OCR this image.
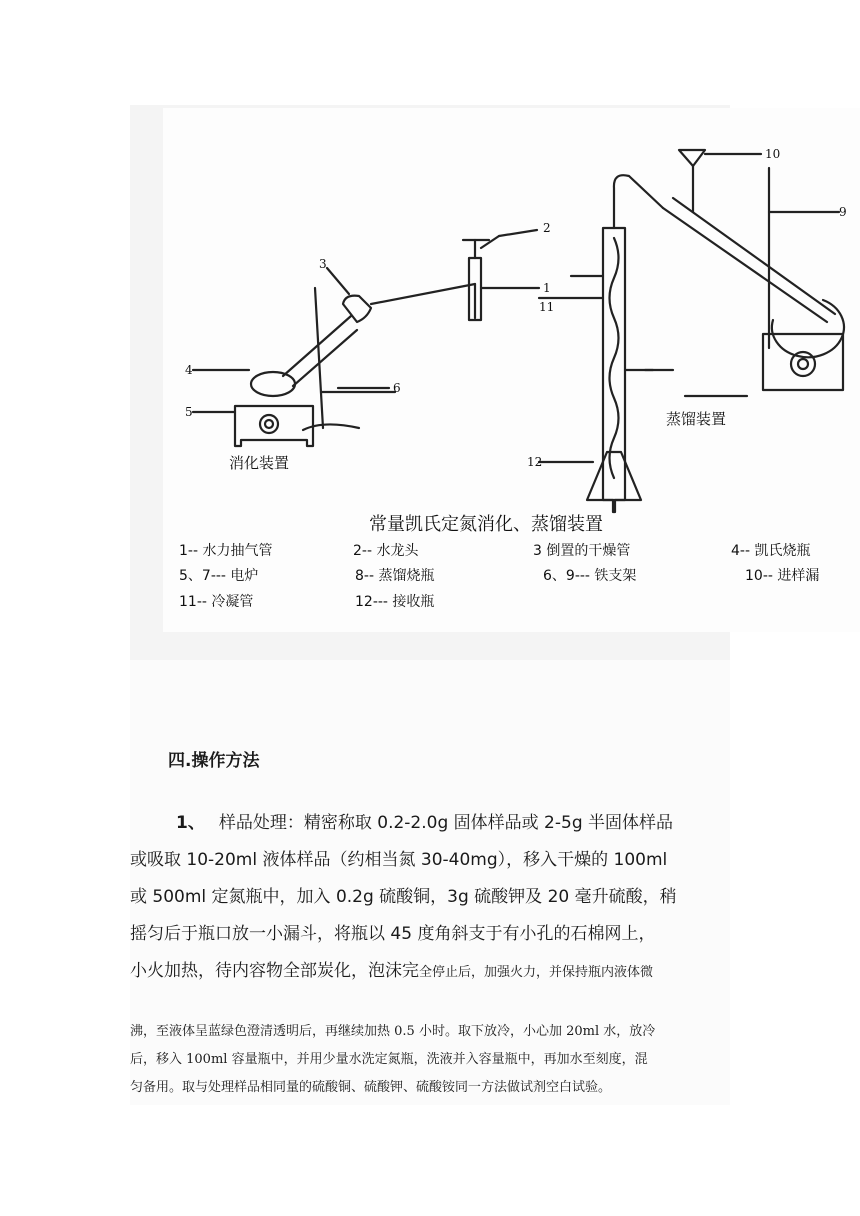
3
2
1
11
4
5
6
12
10
9
消化装置
蒸馏装置
常量凯氏定氮消化、蒸馏装置
1-- 水力抽气管	2-- 水龙头	3 倒置的干燥管	4-- 凯氏烧瓶
5、7--- 电炉	8-- 蒸馏烧瓶	6、9--- 铁支架	10-- 进样漏
11-- 冷凝管	12--- 接收瓶
四.操作方法
1、 样品处理：精密称取 0.2-2.0g 固体样品或 2-5g 半固体样品
或吸取 10-20ml 液体样品（约相当氮 30-40mg），移入干燥的 100ml
或 500ml 定氮瓶中，加入 0.2g 硫酸铜，3g 硫酸钾及 20 毫升硫酸，稍
摇匀后于瓶口放一小漏斗，将瓶以 45 度角斜支于有小孔的石棉网上，
小火加热，待内容物全部炭化，泡沫完全停止后，加强火力，并保持瓶内液体微
沸，至液体呈蓝绿色澄清透明后，再继续加热 0.5 小时。取下放冷，小心加 20ml 水，放冷
后，移入 100ml 容量瓶中，并用少量水洗定氮瓶，洗液并入容量瓶中，再加水至刻度，混
匀备用。取与处理样品相同量的硫酸铜、硫酸钾、硫酸铵同一方法做试剂空白试验。
